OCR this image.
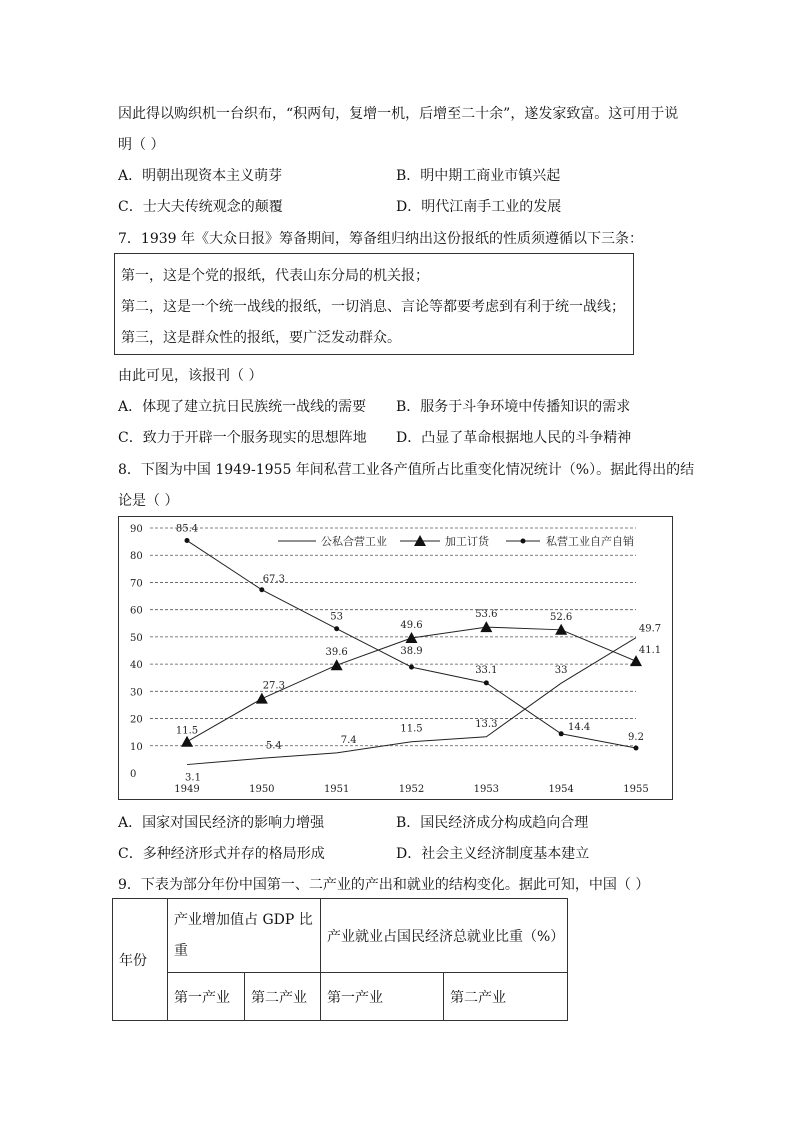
因此得以购织机一台织布，“积两旬，复增一机，后增至二十余”，遂发家致富。这可用于说
明（ ）
A．明朝出现资本主义萌芽	B．明中期工商业市镇兴起
C．士大夫传统观念的颠覆	D．明代江南手工业的发展
7．1939 年《大众日报》筹备期间，筹备组归纳出这份报纸的性质须遵循以下三条：
第一，这是个党的报纸，代表山东分局的机关报；
第二，这是一个统一战线的报纸，一切消息、言论等都要考虑到有利于统一战线；
第三，这是群众性的报纸，要广泛发动群众。
由此可见，该报刊（ ）
A．体现了建立抗日民族统一战线的需要 B．服务于斗争环境中传播知识的需求
C．致力于开辟一个服务现实的思想阵地 D．凸显了革命根据地人民的斗争精神
8．下图为中国 1949-1955 年间私营工业各产值所占比重变化情况统计（%）。据此得出的结
论是（ ）
0
10
20
30
40
50
60
70
80
90
1949	1950	1951	1952	1953	1954	1955
3.1
5.4	7.4
11.5	13.3
33
49.7
11.5
27.3
39.6
49.6
53.6	52.6
41.1
85.4
67.3
53
38.9
33.1
14.4
9.2
公私合营工业	加工订货	私营工业自产自销
A．国家对国民经济的影响力增强	B．国民经济成分构成趋向合理
C．多种经济形式并存的格局形成	D．社会主义经济制度基本建立
9．下表为部分年份中国第一、二产业的产出和就业的结构变化。据此可知，中国（ ）
年份	产业增加值占 GDP 比
重		产业就业占国民经济总就业比重（%）	
	第一产业	第二产业	第一产业	第二产业
